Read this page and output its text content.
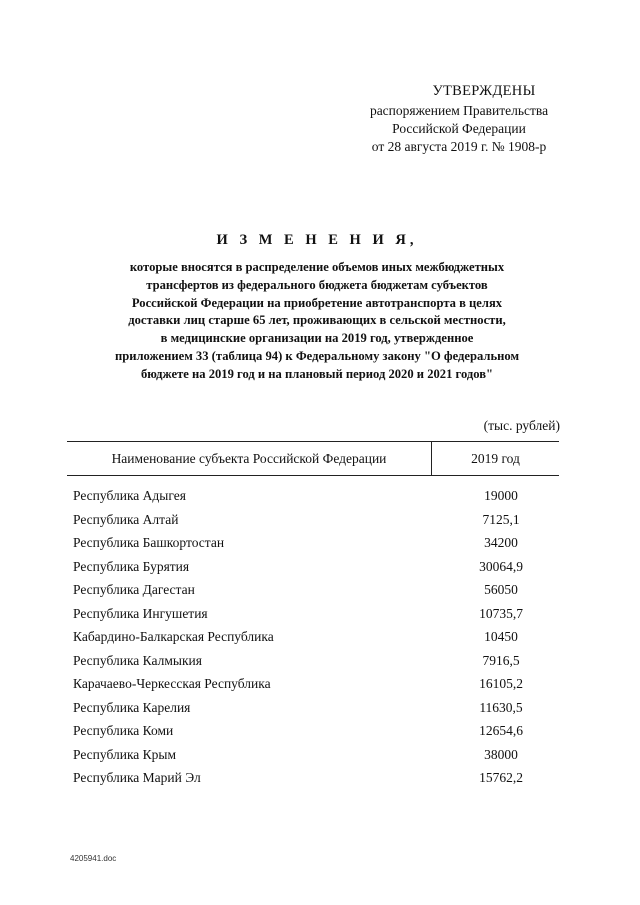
УТВЕРЖДЕНЫ
распоряжением Правительства
Российской Федерации
от 28 августа 2019 г. № 1908-р
И З М Е Н Е Н И Я,
которые вносятся в распределение объемов иных межбюджетных
трансфертов из федерального бюджета бюджетам субъектов
Российской Федерации на приобретение автотранспорта в целях
доставки лиц старше 65 лет, проживающих в сельской местности,
в медицинские организации на 2019 год, утвержденное
приложением 33 (таблица 94) к Федеральному закону "О федеральном
бюджете на 2019 год и на плановый период 2020 и 2021 годов"
(тыс. рублей)
Наименование субъекта Российской Федерации	2019 год
Республика Адыгея	19000
Республика Алтай	7125,1
Республика Башкортостан	34200
Республика Бурятия	30064,9
Республика Дагестан	56050
Республика Ингушетия	10735,7
Кабардино-Балкарская Республика	10450
Республика Калмыкия	7916,5
Карачаево-Черкесская Республика	16105,2
Республика Карелия	11630,5
Республика Коми	12654,6
Республика Крым	38000
Республика Марий Эл	15762,2
4205941.doc
